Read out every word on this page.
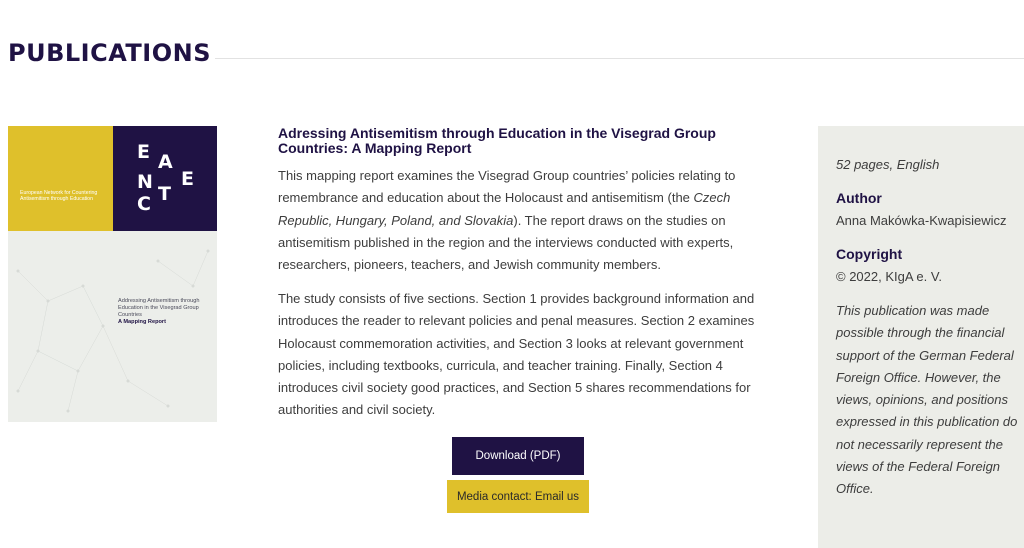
PUBLICATIONS
European Network for Countering Antisemitism through Education
E A
N
C T
E
Addressing Antisemitism through Education in the Visegrad Group Countries
A Mapping Report
Adressing Antisemitism through Education in the Visegrad Group Countries: A Mapping Report

This mapping report examines the Visegrad Group countries’ policies relating to remembrance and education about the Holocaust and antisemitism (the Czech Republic, Hungary, Poland, and Slovakia). The report draws on the studies on antisemitism published in the region and the interviews conducted with experts, researchers, pioneers, teachers, and Jewish community members.

The study consists of five sections. Section 1 provides background information and introduces the reader to relevant policies and penal measures. Section 2 examines Holocaust commemoration activities, and Section 3 looks at relevant government policies, including textbooks, curricula, and teacher training. Finally, Section 4 introduces civil society good practices, and Section 5 shares recommendations for authorities and civil society.

Download (PDF)
Media contact: Email us

52 pages, English

Author

Anna Makówka-Kwapisiewicz

Copyright

© 2022, KIgA e. V.

This publication was made possible through the financial support of the German Federal Foreign Office. However, the views, opinions, and positions expressed in this publication do not necessarily represent the views of the Federal Foreign Office.
